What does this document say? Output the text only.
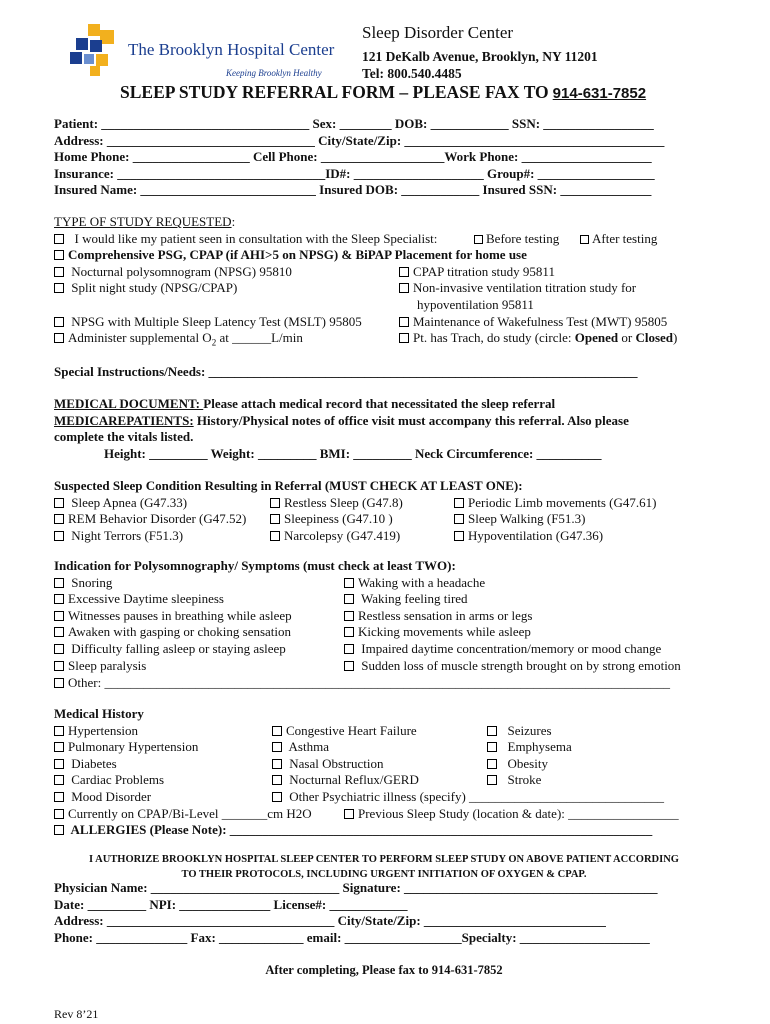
The Brooklyn Hospital Center
Keeping Brooklyn Healthy
Sleep Disorder Center
121 DeKalb Avenue, Brooklyn, NY 11201
Tel: 800.540.4485
SLEEP STUDY REFERRAL FORM – PLEASE FAX TO 914-631-7852
Patient: ________________________________ Sex: ________ DOB: ____________ SSN: _________________
Address: ________________________________ City/State/Zip: ________________________________________
Home Phone: __________________ Cell Phone: ___________________Work Phone: ____________________
Insurance: ________________________________ID#: ____________________ Group#: __________________
Insured Name: ___________________________ Insured DOB: ____________ Insured SSN: ______________
TYPE OF STUDY REQUESTED:
I would like my patient seen in consultation with the Sleep Specialist:	Before testing	After testing
Comprehensive PSG, CPAP (if AHI>5 on NPSG) & BiPAP Placement for home use
Nocturnal polysomnogram (NPSG) 95810	CPAP titration study 95811
Split night study (NPSG/CPAP)	Non-invasive ventilation titration study for
hypoventilation 95811
NPSG with Multiple Sleep Latency Test (MSLT) 95805	Maintenance of Wakefulness Test (MWT) 95805
Administer supplemental $O_2$ at ______L/min	Pt. has Trach, do study (circle: Opened or Closed)
Special Instructions/Needs: __________________________________________________________________
MEDICAL DOCUMENT: Please attach medical record that necessitated the sleep referral
MEDICAREPATIENTS: History/Physical notes of office visit must accompany this referral. Also please
complete the vitals listed.
Height: _________ Weight: _________ BMI: _________ Neck Circumference: __________
Suspected Sleep Condition Resulting in Referral (MUST CHECK AT LEAST ONE):
Sleep Apnea (G47.33)
REM Behavior Disorder (G47.52)
Night Terrors (F51.3)
Restless Sleep (G47.8)
Sleepiness (G47.10 )
Narcolepsy (G47.419)
Periodic Limb movements (G47.61)
Sleep Walking (F51.3)
Hypoventilation (G47.36)
Indication for Polysomnography/ Symptoms (must check at least TWO):
Snoring
Excessive Daytime sleepiness
Witnesses pauses in breathing while asleep
Awaken with gasping or choking sensation
Difficulty falling asleep or staying asleep
Sleep paralysis
Waking with a headache
Waking feeling tired
Restless sensation in arms or legs
Kicking movements while asleep
Impaired daytime concentration/memory or mood change
Sudden loss of muscle strength brought on by strong emotion
Other: _______________________________________________________________________________________
Medical History
Hypertension
Pulmonary Hypertension
Diabetes
Cardiac Problems
Mood Disorder
Congestive Heart Failure
Asthma
Nasal Obstruction
Nocturnal Reflux/GERD
Other Psychiatric illness (specify) ______________________________
Seizures
Emphysema
Obesity
Stroke
Currently on CPAP/Bi-Level _______cm H2O	Previous Sleep Study (location & date): _________________
ALLERGIES (Please Note): _________________________________________________________________
Physician Name: _____________________________ Signature: _______________________________________
Date: _________ NPI: ______________ License#: ____________
Address: ___________________________________ City/State/Zip: ____________________________
Phone: ______________ Fax: _____________ email: __________________Specialty: ____________________
I AUTHORIZE BROOKLYN HOSPITAL SLEEP CENTER TO PERFORM SLEEP STUDY ON ABOVE PATIENT ACCORDING
TO THEIR PROTOCOLS, INCLUDING URGENT INITIATION OF OXYGEN & CPAP.
After completing, Please fax to 914-631-7852
Rev 8’21
